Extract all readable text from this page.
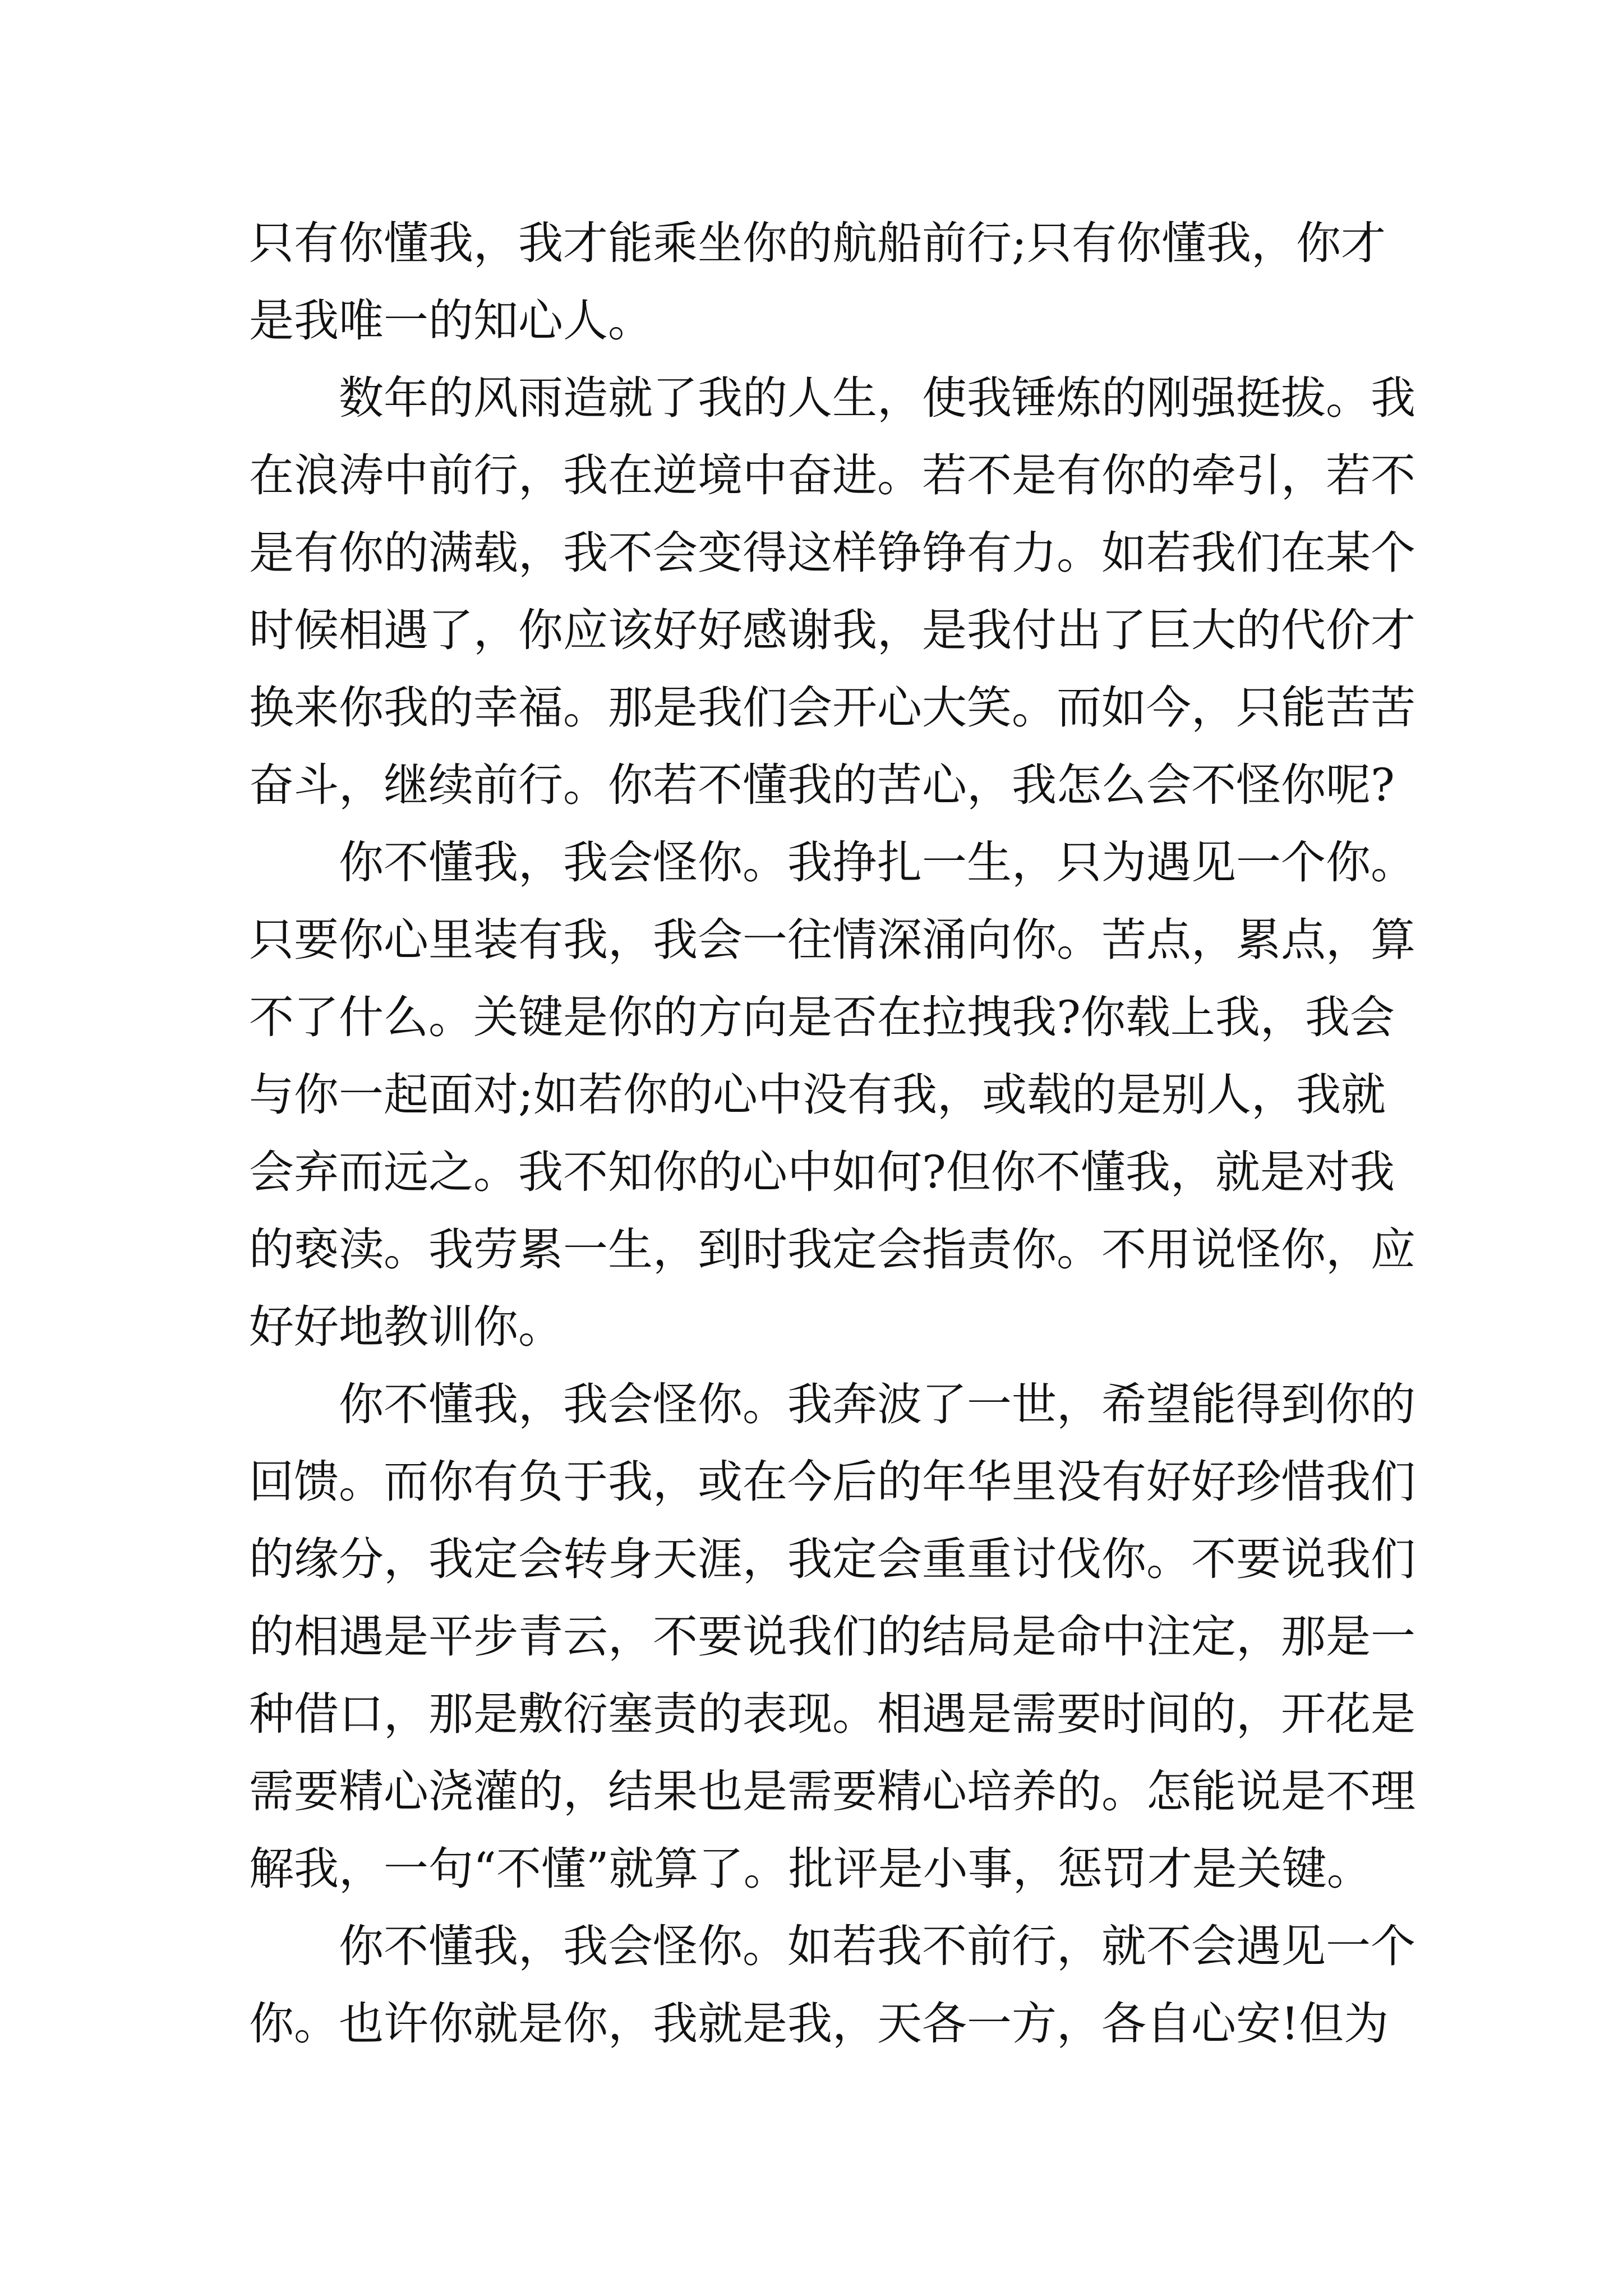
只有你懂我，我才能乘坐你的航船前行;只有你懂我，你才
是我唯一的知心人。
数年的风雨造就了我的人生，使我锤炼的刚强挺拔。我
在浪涛中前行，我在逆境中奋进。若不是有你的牵引，若不
是有你的满载，我不会变得这样铮铮有力。如若我们在某个
时候相遇了，你应该好好感谢我，是我付出了巨大的代价才
换来你我的幸福。那是我们会开心大笑。而如今，只能苦苦
奋斗，继续前行。你若不懂我的苦心，我怎么会不怪你呢?
你不懂我，我会怪你。我挣扎一生，只为遇见一个你。
只要你心里装有我，我会一往情深涌向你。苦点，累点，算
不了什么。关键是你的方向是否在拉拽我?你载上我，我会
与你一起面对;如若你的心中没有我，或载的是别人，我就
会弃而远之。我不知你的心中如何?但你不懂我，就是对我
的亵渎。我劳累一生，到时我定会指责你。不用说怪你，应
好好地教训你。
你不懂我，我会怪你。我奔波了一世，希望能得到你的
回馈。而你有负于我，或在今后的年华里没有好好珍惜我们
的缘分，我定会转身天涯，我定会重重讨伐你。不要说我们
的相遇是平步青云，不要说我们的结局是命中注定，那是一
种借口，那是敷衍塞责的表现。相遇是需要时间的，开花是
需要精心浇灌的，结果也是需要精心培养的。怎能说是不理
解我，一句“不懂”就算了。批评是小事，惩罚才是关键。
你不懂我，我会怪你。如若我不前行，就不会遇见一个
你。也许你就是你，我就是我，天各一方，各自心安!但为
